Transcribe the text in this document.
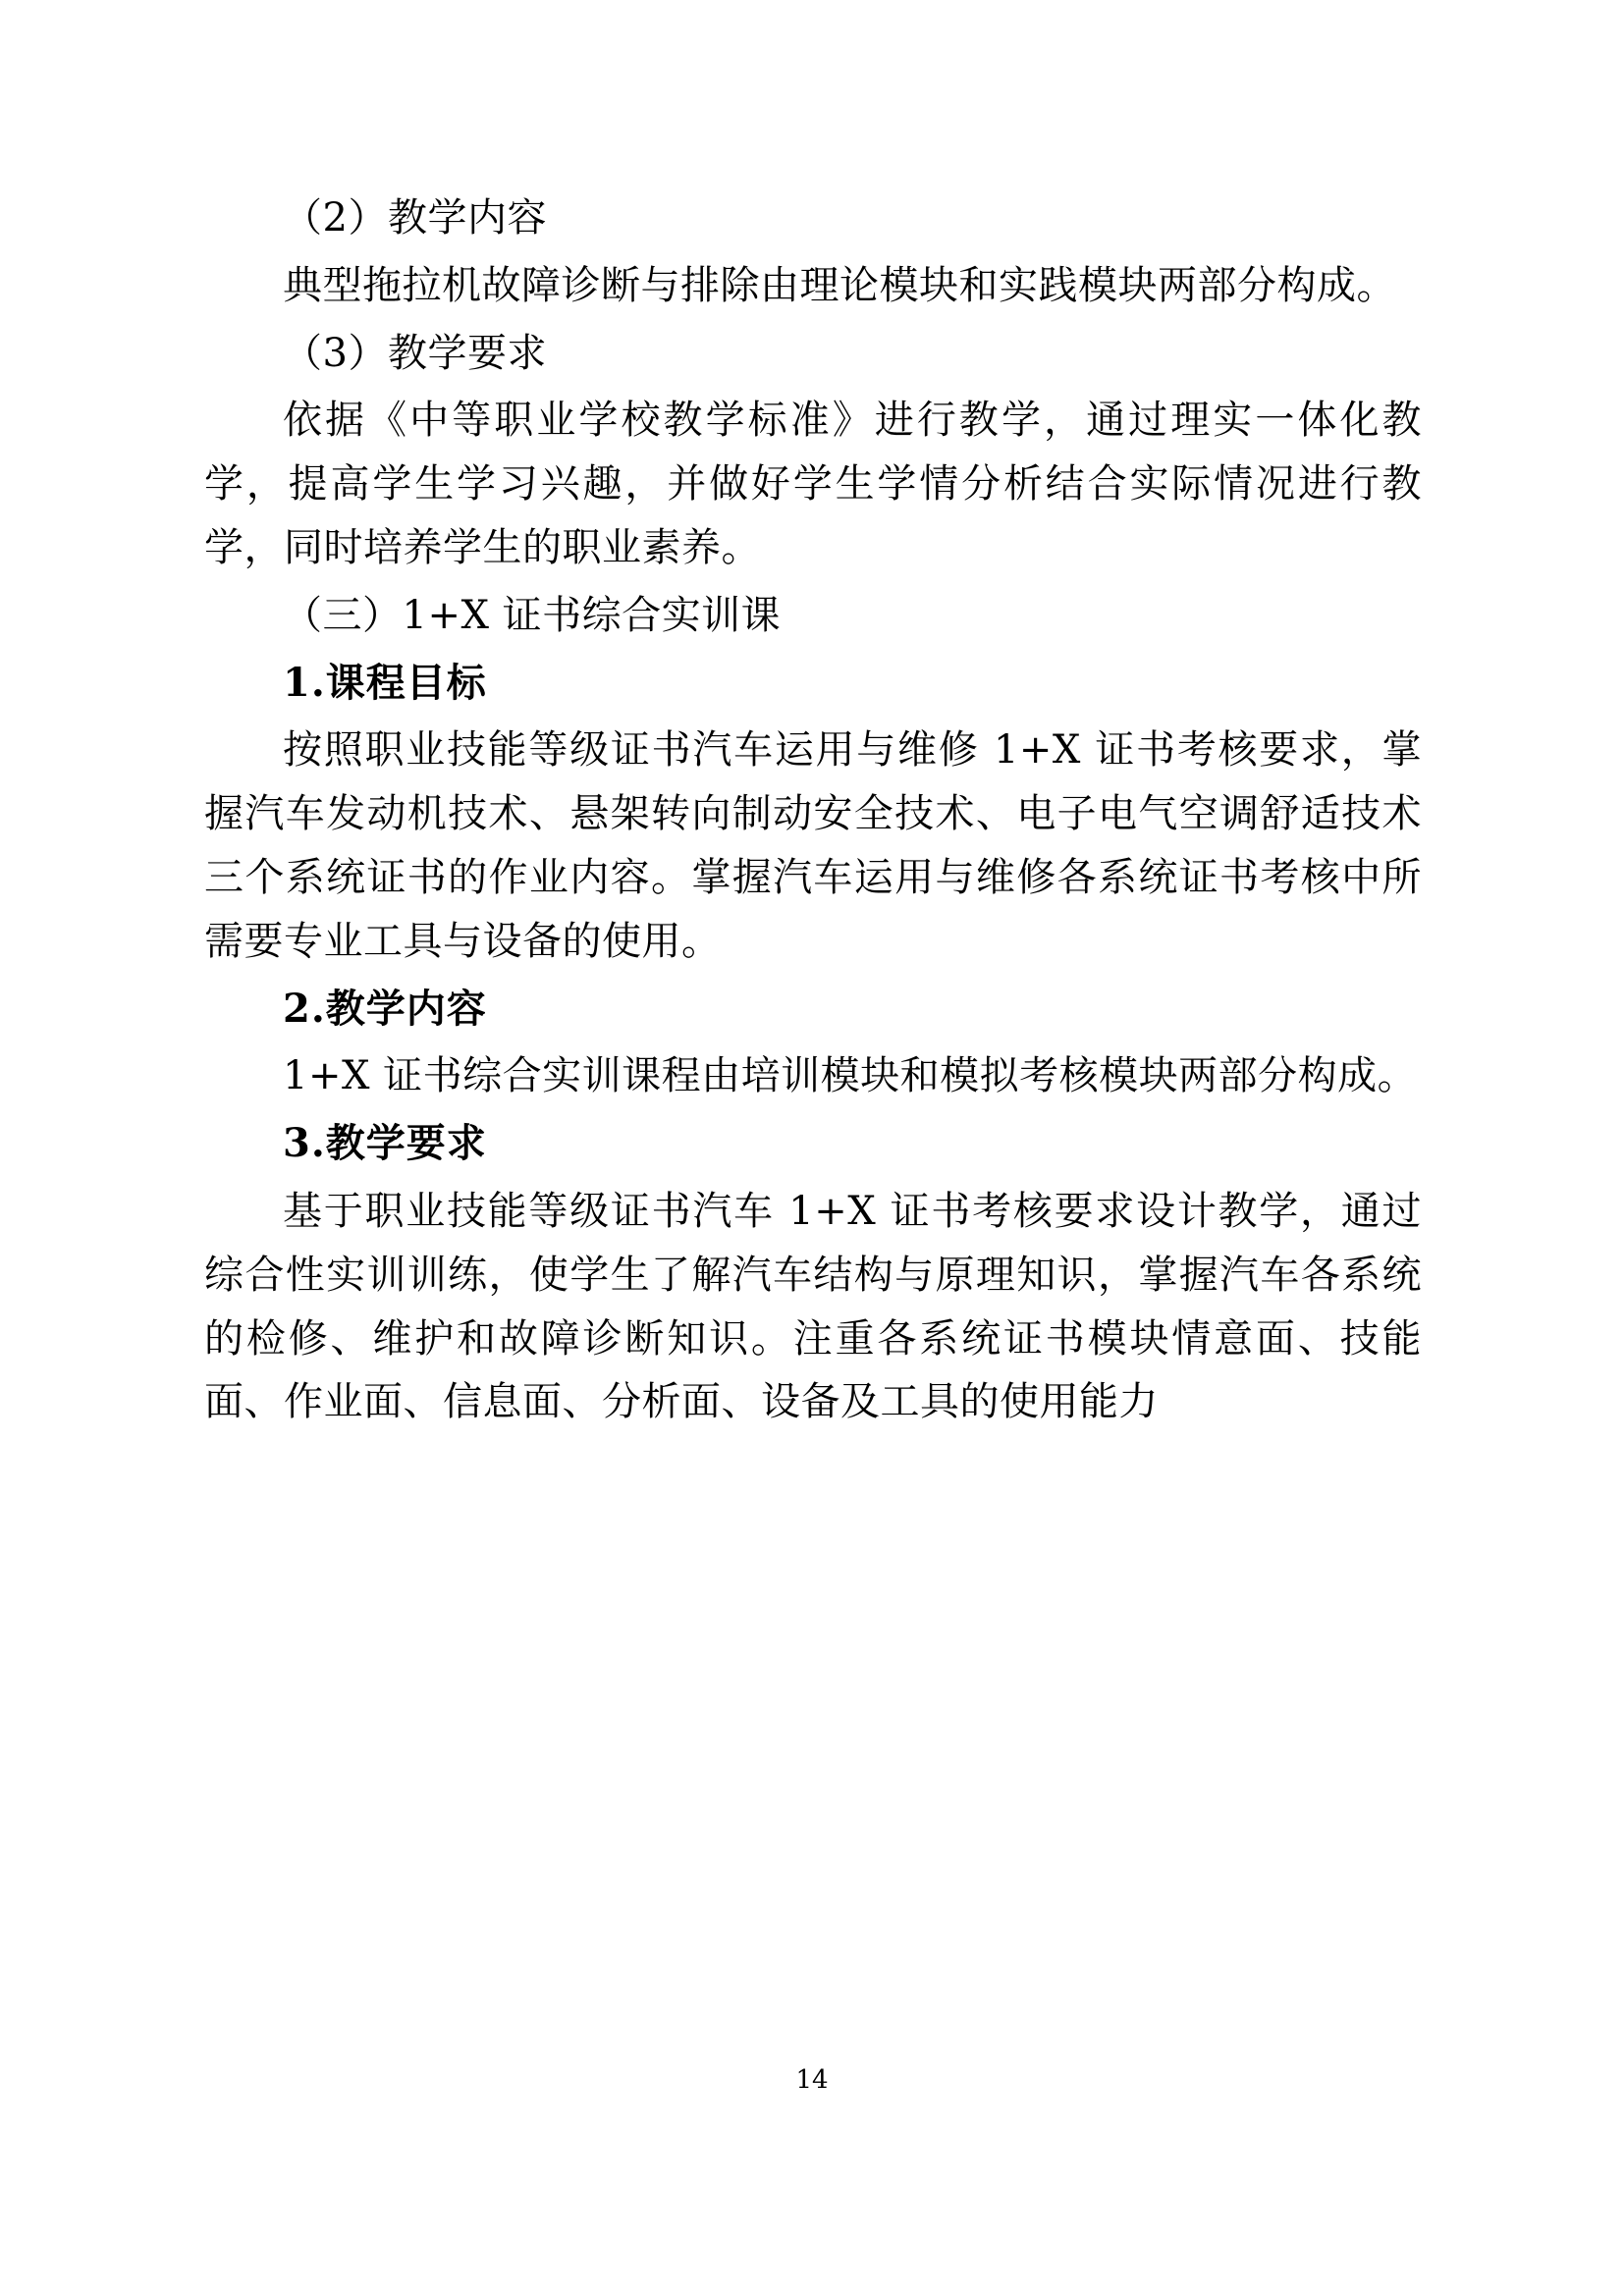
（2）教学内容

典型拖拉机故障诊断与排除由理论模块和实践模块两部分构成。

（3）教学要求

依据《中等职业学校教学标准》进行教学，通过理实一体化教学，提高学生学习兴趣，并做好学生学情分析结合实际情况进行教学，同时培养学生的职业素养。

（三）1+X 证书综合实训课

1.课程目标

按照职业技能等级证书汽车运用与维修 1+X 证书考核要求，掌握汽车发动机技术、悬架转向制动安全技术、电子电气空调舒适技术三个系统证书的作业内容。掌握汽车运用与维修各系统证书考核中所需要专业工具与设备的使用。

2.教学内容

1+X 证书综合实训课程由培训模块和模拟考核模块两部分构成。

3.教学要求

基于职业技能等级证书汽车 1+X 证书考核要求设计教学，通过综合性实训训练，使学生了解汽车结构与原理知识，掌握汽车各系统的检修、维护和故障诊断知识。注重各系统证书模块情意面、技能面、作业面、信息面、分析面、设备及工具的使用能力

14
